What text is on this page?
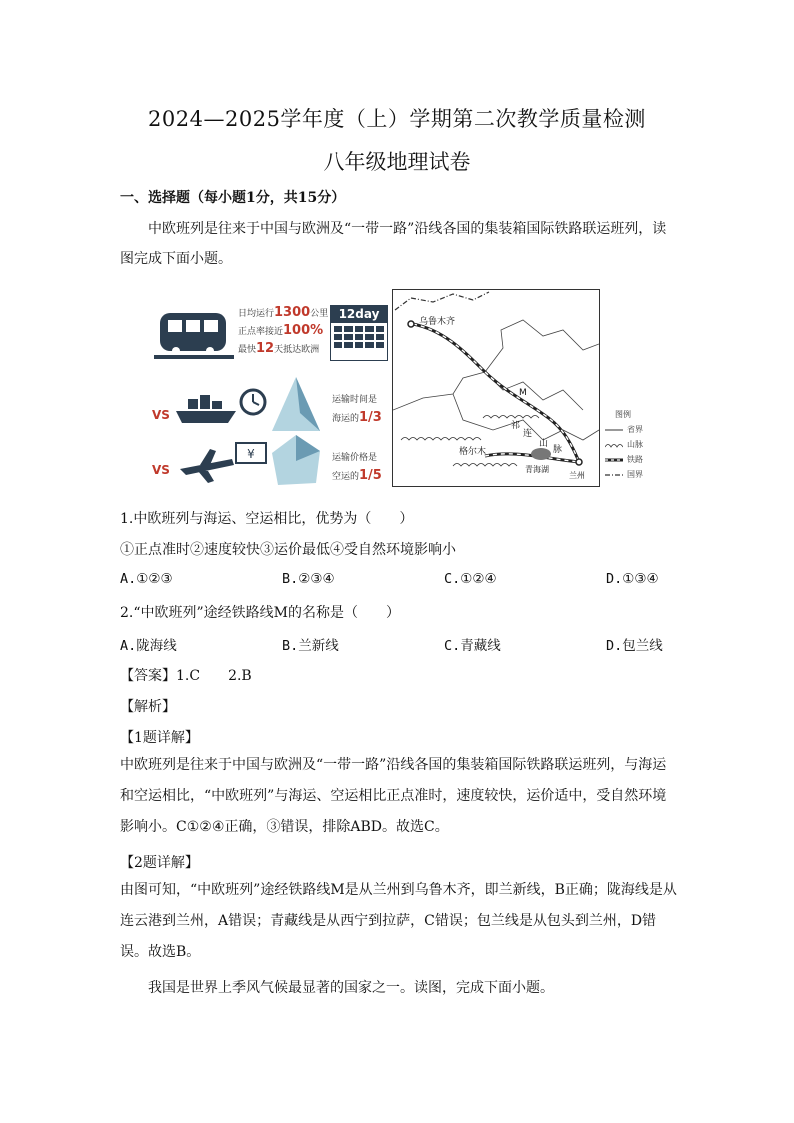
2024—2025学年度（上）学期第二次教学质量检测
八年级地理试卷
一、选择题（每小题1分，共15分）
中欧班列是往来于中国与欧洲及“一带一路”沿线各国的集装箱国际铁路联运班列，读
图完成下面小题。
日均运行1300公里
正点率接近100%
最快12天抵达欧洲
12day
VS
运输时间是
海运的1/3
VS
¥	运输价格是
空运的1/5
乌鲁木齐
M
祁
连
山
脉
格尔木
青海湖
兰州
图例
省界
山脉
铁路
国界
1.中欧班列与海运、空运相比，优势为（　　）
①正点准时②速度较快③运价最低④受自然环境影响小
A.①②③	B.②③④	C.①②④	D.①③④
2.“中欧班列”途经铁路线M的名称是（　　）
A.陇海线	B.兰新线	C.青藏线	D.包兰线
【答案】1.C　　2.B
【解析】
【1题详解】
中欧班列是往来于中国与欧洲及“一带一路”沿线各国的集装箱国际铁路联运班列，与海运和空运相比，“中欧班列”与海运、空运相比正点准时，速度较快，运价适中，受自然环境影响小。C①②④正确，③错误，排除ABD。故选C。
【2题详解】
由图可知，“中欧班列”途经铁路线M是从兰州到乌鲁木齐，即兰新线，B正确；陇海线是从连云港到兰州，A错误；青藏线是从西宁到拉萨，C错误；包兰线是从包头到兰州，D错误。故选B。
我国是世界上季风气候最显著的国家之一。读图，完成下面小题。
